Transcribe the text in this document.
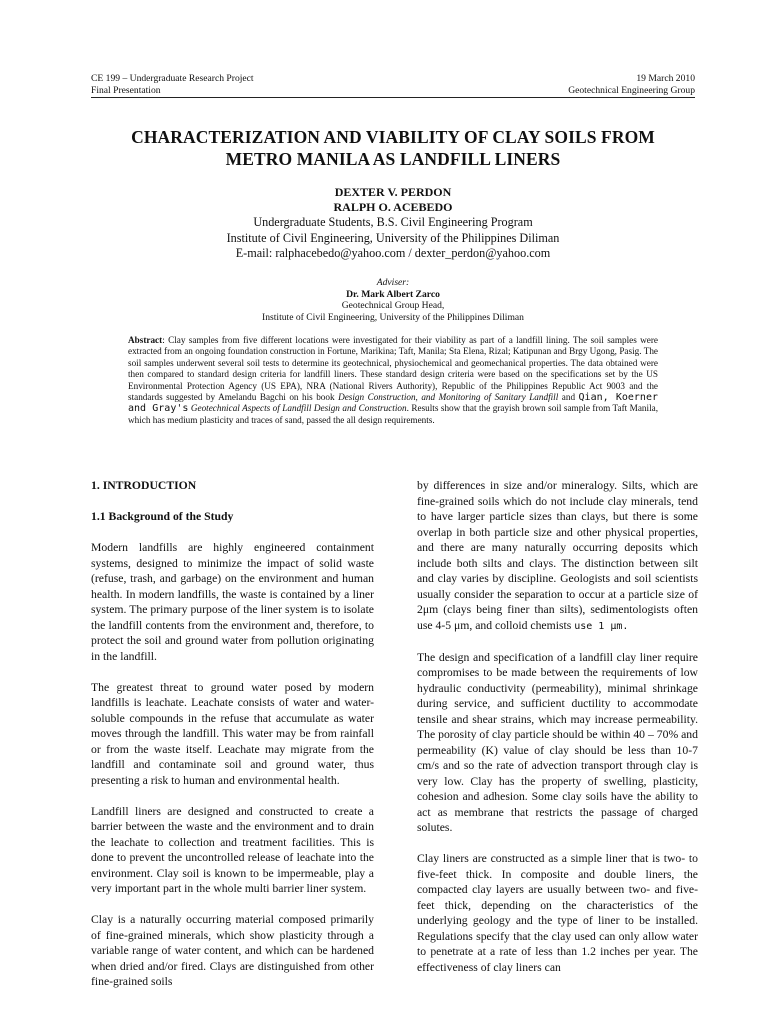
CE 199 – Undergraduate Research Project	19 March 2010
Final Presentation	Geotechnical Engineering Group
CHARACTERIZATION AND VIABILITY OF CLAY SOILS FROM
METRO MANILA AS LANDFILL LINERS
DEXTER V. PERDON
RALPH O. ACEBEDO
Undergraduate Students, B.S. Civil Engineering Program
Institute of Civil Engineering, University of the Philippines Diliman
E-mail: ralphacebedo@yahoo.com / dexter_perdon@yahoo.com
Adviser:
Dr. Mark Albert Zarco
Geotechnical Group Head,
Institute of Civil Engineering, University of the Philippines Diliman
Abstract: Clay samples from five different locations were investigated for their viability as part of a landfill lining. The soil samples were extracted from an ongoing foundation construction in Fortune, Marikina; Taft, Manila; Sta Elena, Rizal; Katipunan and Brgy Ugong, Pasig. The soil samples underwent several soil tests to determine its geotechnical, physiochemical and geomechanical properties. The data obtained were then compared to standard design criteria for landfill liners. These standard design criteria were based on the specifications set by the US Environmental Protection Agency (US EPA), NRA (National Rivers Authority), Republic of the Philippines Republic Act 9003 and the standards suggested by Amelandu Bagchi on his book Design Construction, and Monitoring of Sanitary Landfill and Qian, Koerner and Gray's Geotechnical Aspects of Landfill Design and Construction. Results show that the grayish brown soil sample from Taft Manila, which has medium plasticity and traces of sand, passed the all design requirements.
1. INTRODUCTION
1.1 Background of the Study

Modern landfills are highly engineered containment systems, designed to minimize the impact of solid waste (refuse, trash, and garbage) on the environment and human health. In modern landfills, the waste is contained by a liner system. The primary purpose of the liner system is to isolate the landfill contents from the environment and, therefore, to protect the soil and ground water from pollution originating in the landfill.

The greatest threat to ground water posed by modern landfills is leachate. Leachate consists of water and water-soluble compounds in the refuse that accumulate as water moves through the landfill. This water may be from rainfall or from the waste itself. Leachate may migrate from the landfill and contaminate soil and ground water, thus presenting a risk to human and environmental health.

Landfill liners are designed and constructed to create a barrier between the waste and the environment and to drain the leachate to collection and treatment facilities. This is done to prevent the uncontrolled release of leachate into the environment. Clay soil is known to be impermeable, play a very important part in the whole multi barrier liner system.

Clay is a naturally occurring material composed primarily of fine-grained minerals, which show plasticity through a variable range of water content, and which can be hardened when dried and/or fired. Clays are distinguished from other fine-grained soils

by differences in size and/or mineralogy. Silts, which are fine-grained soils which do not include clay minerals, tend to have larger particle sizes than clays, but there is some overlap in both particle size and other physical properties, and there are many naturally occurring deposits which include both silts and clays. The distinction between silt and clay varies by discipline. Geologists and soil scientists usually consider the separation to occur at a particle size of 2μm (clays being finer than silts), sedimentologists often use 4-5 μm, and colloid chemists use 1 μm.

The design and specification of a landfill clay liner require compromises to be made between the requirements of low hydraulic conductivity (permeability), minimal shrinkage during service, and sufficient ductility to accommodate tensile and shear strains, which may increase permeability. The porosity of clay particle should be within 40 – 70% and permeability (K) value of clay should be less than 10-7 cm/s and so the rate of advection transport through clay is very low. Clay has the property of swelling, plasticity, cohesion and adhesion. Some clay soils have the ability to act as membrane that restricts the passage of charged solutes.

Clay liners are constructed as a simple liner that is two- to five-feet thick. In composite and double liners, the compacted clay layers are usually between two- and five-feet thick, depending on the characteristics of the underlying geology and the type of liner to be installed. Regulations specify that the clay used can only allow water to penetrate at a rate of less than 1.2 inches per year. The effectiveness of clay liners can
